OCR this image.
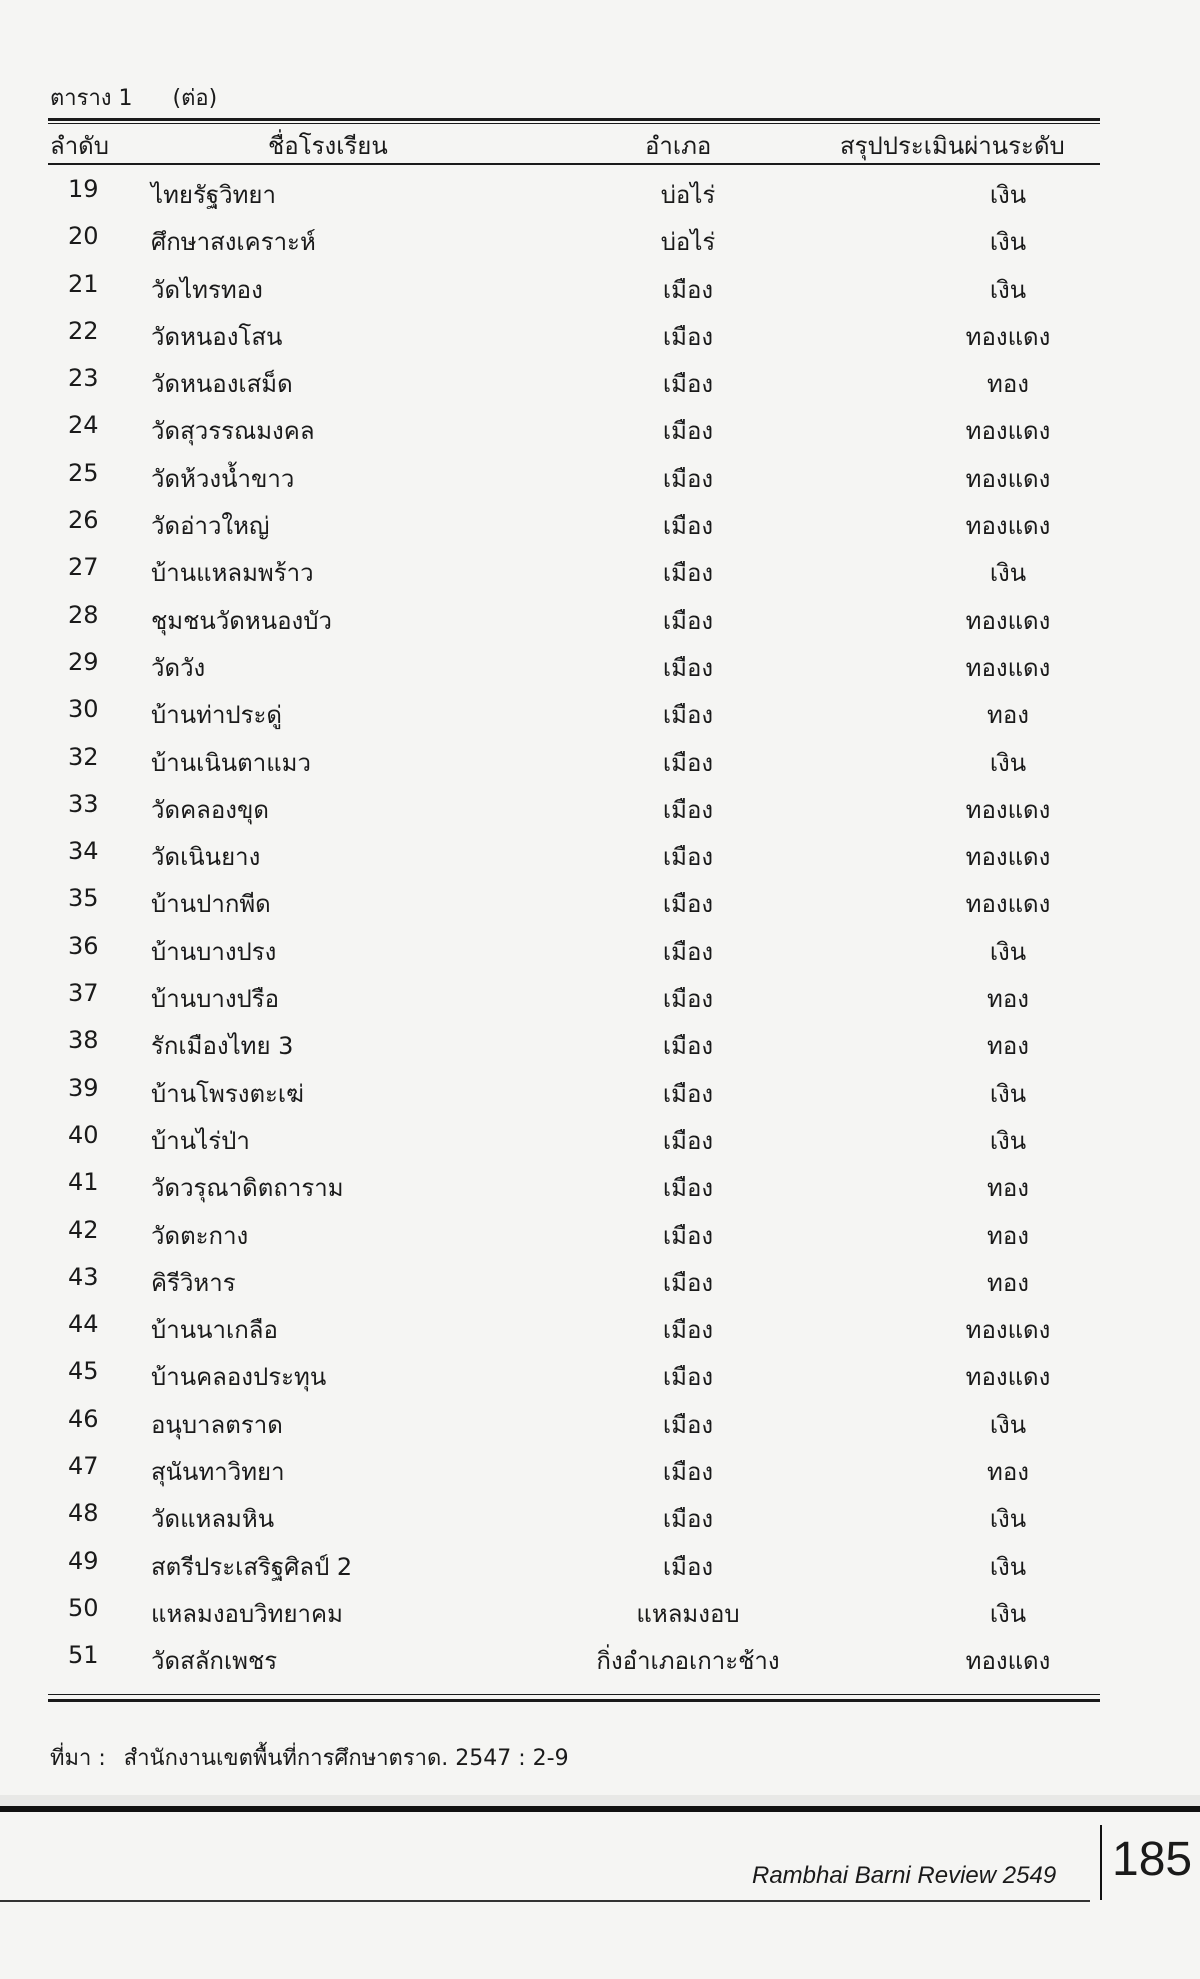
ตาราง 1 (ต่อ)
ลำดับ	ชื่อโรงเรียน	อำเภอ	สรุปประเมินผ่านระดับ
19	ไทยรัฐวิทยา	บ่อไร่	เงิน
20	ศึกษาสงเคราะห์	บ่อไร่	เงิน
21	วัดไทรทอง	เมือง	เงิน
22	วัดหนองโสน	เมือง	ทองแดง
23	วัดหนองเสม็ด	เมือง	ทอง
24	วัดสุวรรณมงคล	เมือง	ทองแดง
25	วัดห้วงน้ำขาว	เมือง	ทองแดง
26	วัดอ่าวใหญ่	เมือง	ทองแดง
27	บ้านแหลมพร้าว	เมือง	เงิน
28	ชุมชนวัดหนองบัว	เมือง	ทองแดง
29	วัดวัง	เมือง	ทองแดง
30	บ้านท่าประดู่	เมือง	ทอง
32	บ้านเนินตาแมว	เมือง	เงิน
33	วัดคลองขุด	เมือง	ทองแดง
34	วัดเนินยาง	เมือง	ทองแดง
35	บ้านปากพีด	เมือง	ทองแดง
36	บ้านบางปรง	เมือง	เงิน
37	บ้านบางปรือ	เมือง	ทอง
38	รักเมืองไทย 3	เมือง	ทอง
39	บ้านโพรงตะเฆ่	เมือง	เงิน
40	บ้านไร่ป่า	เมือง	เงิน
41	วัดวรุณาดิตถาราม	เมือง	ทอง
42	วัดตะกาง	เมือง	ทอง
43	คิรีวิหาร	เมือง	ทอง
44	บ้านนาเกลือ	เมือง	ทองแดง
45	บ้านคลองประทุน	เมือง	ทองแดง
46	อนุบาลตราด	เมือง	เงิน
47	สุนันทาวิทยา	เมือง	ทอง
48	วัดแหลมหิน	เมือง	เงิน
49	สตรีประเสริฐศิลป์ 2	เมือง	เงิน
50	แหลมงอบวิทยาคม	แหลมงอบ	เงิน
51	วัดสลักเพชร	กิ่งอำเภอเกาะช้าง	ทองแดง
ที่มา : สำนักงานเขตพื้นที่การศึกษาตราด. 2547 : 2-9
Rambhai Barni Review 2549 185
